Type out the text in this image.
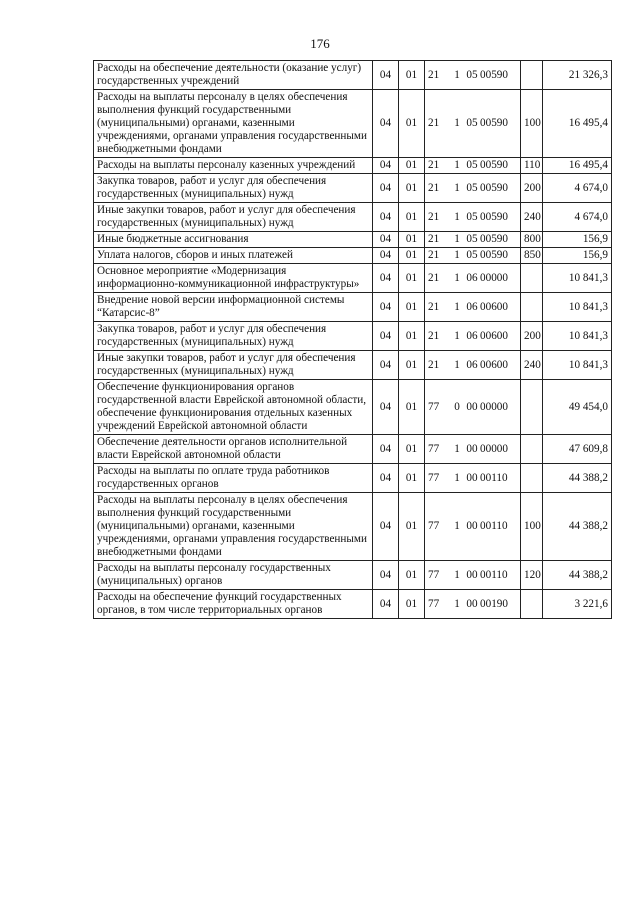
176
Расходы на обеспечение деятельности (оказание услуг) государственных учреждений	04	01	21 1 05 00590		21 326,3
Расходы на выплаты персоналу в целях обеспечения выполнения функций государственными (муниципальными) органами, казенными учреждениями, органами управления государственными внебюджетными фондами	04	01	21 1 05 00590	100	16 495,4
Расходы на выплаты персоналу казенных учреждений	04	01	21 1 05 00590	110	16 495,4
Закупка товаров, работ и услуг для обеспечения государственных (муниципальных) нужд	04	01	21 1 05 00590	200	4 674,0
Иные закупки товаров, работ и услуг для обеспечения государственных (муниципальных) нужд	04	01	21 1 05 00590	240	4 674,0
Иные бюджетные ассигнования	04	01	21 1 05 00590	800	156,9
Уплата налогов, сборов и иных платежей	04	01	21 1 05 00590	850	156,9
Основное мероприятие «Модернизация информационно-коммуникационной инфраструктуры»	04	01	21 1 06 00000		10 841,3
Внедрение новой версии информационной системы “Катарсис-8”	04	01	21 1 06 00600		10 841,3
Закупка товаров, работ и услуг для обеспечения государственных (муниципальных) нужд	04	01	21 1 06 00600	200	10 841,3
Иные закупки товаров, работ и услуг для обеспечения государственных (муниципальных) нужд	04	01	21 1 06 00600	240	10 841,3
Обеспечение функционирования органов государственной власти Еврейской автономной области, обеспечение функционирования отдельных казенных учреждений Еврейской автономной области	04	01	77 0 00 00000		49 454,0
Обеспечение деятельности органов исполнительной власти Еврейской автономной области	04	01	77 1 00 00000		47 609,8
Расходы на выплаты по оплате труда работников государственных органов	04	01	77 1 00 00110		44 388,2
Расходы на выплаты персоналу в целях обеспечения выполнения функций государственными (муниципальными) органами, казенными учреждениями, органами управления государственными внебюджетными фондами	04	01	77 1 00 00110	100	44 388,2
Расходы на выплаты персоналу государственных (муниципальных) органов	04	01	77 1 00 00110	120	44 388,2
Расходы на обеспечение функций государственных органов, в том числе территориальных органов	04	01	77 1 00 00190		3 221,6
